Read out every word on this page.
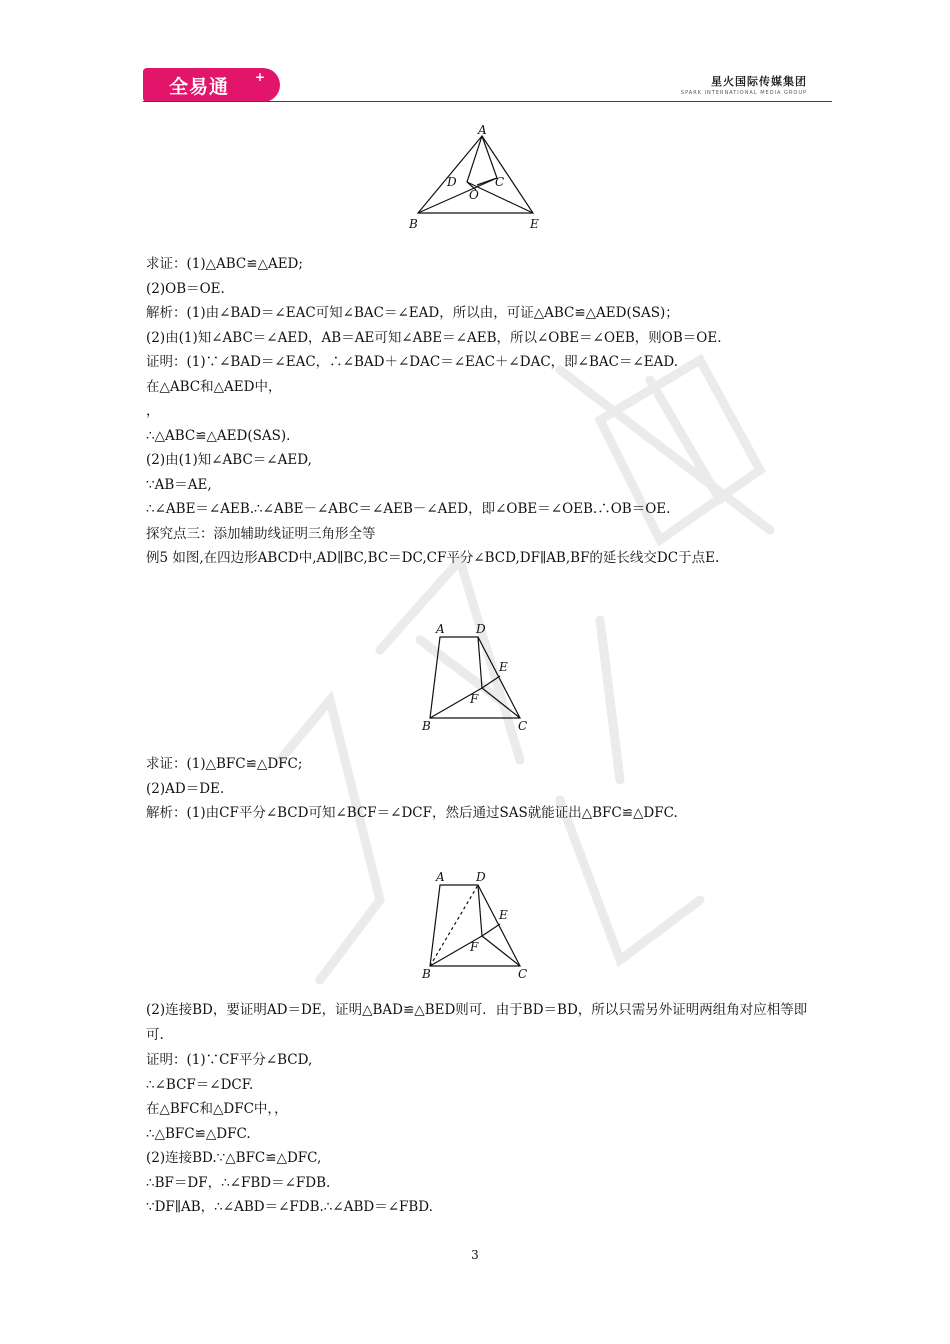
全易通 +	星火国际传媒集团
SPARK INTERNATIONAL MEDIA GROUP
A
D	C
O
B	E
求证：(1)△ABC≌△AED;
(2)OB＝OE.
解析：(1)由∠BAD＝∠EAC可知∠BAC＝∠EAD，所以由，可证△ABC≌△AED(SAS)；
(2)由(1)知∠ABC＝∠AED，AB＝AE可知∠ABE＝∠AEB，所以∠OBE＝∠OEB，则OB＝OE.
证明：(1)∵∠BAD＝∠EAC，∴∠BAD＋∠DAC＝∠EAC＋∠DAC，即∠BAC＝∠EAD.
在△ABC和△AED中，
，
∴△ABC≌△AED(SAS).
(2)由(1)知∠ABC＝∠AED,
∵AB＝AE,
∴∠ABE＝∠AEB.∴∠ABE－∠ABC＝∠AEB－∠AED，即∠OBE＝∠OEB.∴OB＝OE.
探究点三：添加辅助线证明三角形全等
例5 如图,在四边形ABCD中,AD∥BC,BC＝DC,CF平分∠BCD,DF∥AB,BF的延长线交DC于点E.
A	D
E
F
B	C
求证：(1)△BFC≌△DFC;
(2)AD＝DE.
解析：(1)由CF平分∠BCD可知∠BCF＝∠DCF，然后通过SAS就能证出△BFC≌△DFC.
A	D
E
F
B	C
(2)连接BD，要证明AD＝DE，证明△BAD≌△BED则可．由于BD＝BD，所以只需另外证明两组角对应相等即可.
证明：(1)∵CF平分∠BCD,
∴∠BCF＝∠DCF.
在△BFC和△DFC中，，
∴△BFC≌△DFC.
(2)连接BD.∵△BFC≌△DFC,
∴BF＝DF，∴∠FBD＝∠FDB.
∵DF∥AB，∴∠ABD＝∠FDB.∴∠ABD＝∠FBD.
3
